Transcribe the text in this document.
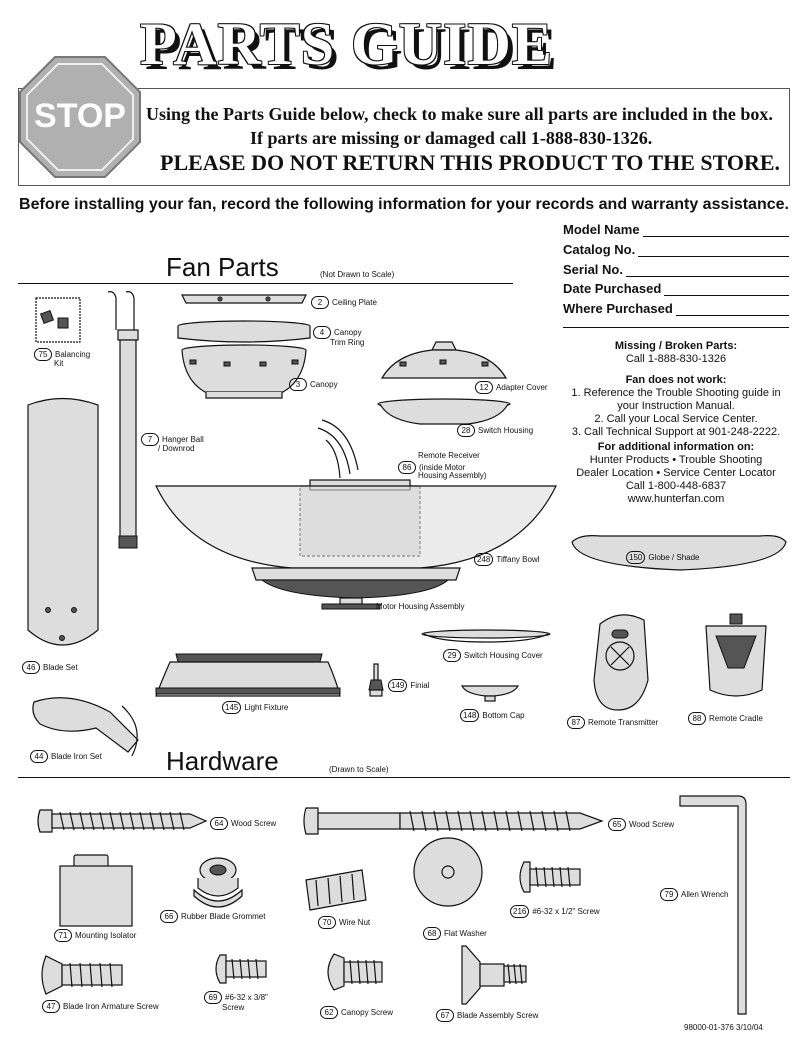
PARTS GUIDE
STOP	Using the Parts Guide below, check to make sure all parts are included in the box.
If parts are missing or damaged call 1-888-830-1326.
PLEASE DO NOT RETURN THIS PRODUCT TO THE STORE.
Before installing your fan, record the following information for your records and warranty assistance.
Model Name
Catalog No.
Serial No.
Date Purchased
Where Purchased
Missing / Broken Parts:
Call 1-888-830-1326
Fan does not work:
1. Reference the Trouble Shooting guide in
your Instruction Manual.
2. Call your Local Service Center.
3. Call Technical Support at 901-248-2222.
For additional information on:
Hunter Products • Trouble Shooting
Dealer Location • Service Center Locator
Call 1-800-448-6837
www.hunterfan.com
Fan Parts	(Not Drawn to Scale)
2	Ceiling Plate
4	Canopy
Trim Ring
3	Canopy
75 Balancing
Kit
12 Adapter Cover
28 Switch Housing
7	Hanger Ball
/ Downrod
Remote Receiver
86 (inside Motor
Housing Assembly)
248 Tiffany Bowl	150 Globe / Shade
Motor Housing Assembly
46 Blade Set
29 Switch Housing Cover
149 Finial
145 Light Fixture
148 Bottom Cap
87 Remote Transmitter	88 Remote Cradle
44 Blade Iron Set Hardware	(Drawn to Scale)
64 Wood Screw	65 Wood Screw
79 Allen Wrench
66 Rubber Blade Grommet
70 Wire Nut
216 #6-32 x 1/2" Screw
71 Mounting Isolator	68 Flat Washer
47 Blade Iron Armature Screw
69 #6-32 x 3/8"
Screw
62 Canopy Screw	67 Blade Assembly Screw
98000-01-376 3/10/04
